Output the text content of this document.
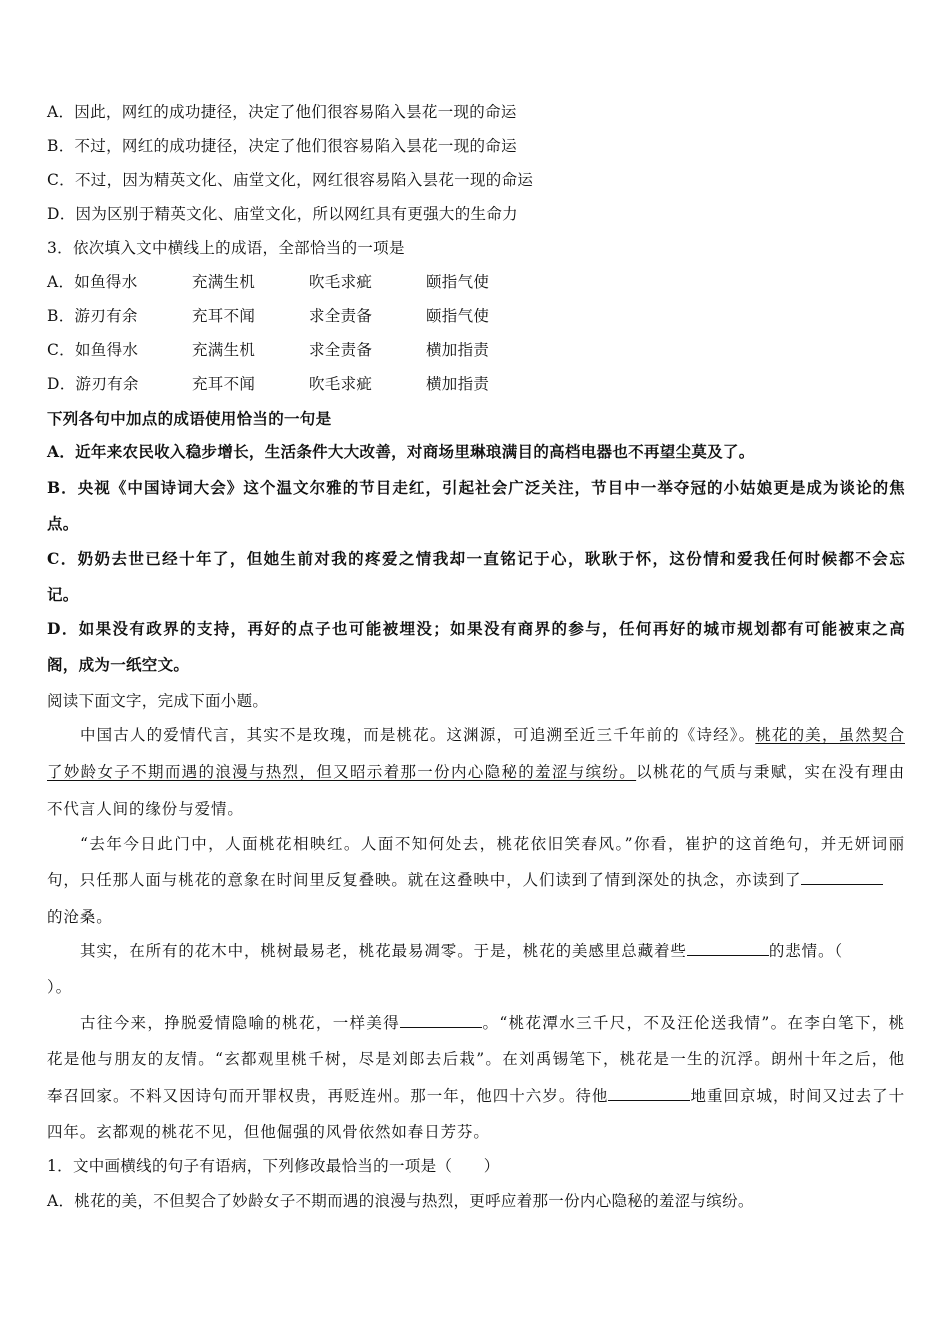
A．因此，网红的成功捷径，决定了他们很容易陷入昙花一现的命运
B．不过，网红的成功捷径，决定了他们很容易陷入昙花一现的命运
C．不过，因为精英文化、庙堂文化，网红很容易陷入昙花一现的命运
D．因为区别于精英文化、庙堂文化，所以网红具有更强大的生命力
3．依次填入文中横线上的成语，全部恰当的一项是
A．如鱼得水	充满生机	吹毛求疵	颐指气使
B．游刃有余	充耳不闻	求全责备	颐指气使
C．如鱼得水	充满生机	求全责备	横加指责
D．游刃有余	充耳不闻	吹毛求疵	横加指责
下列各句中加点的成语使用恰当的一句是
A．近年来农民收入稳步增长，生活条件大大改善，对商场里琳琅满目的高档电器也不再望尘莫及了。
B．央视《中国诗词大会》这个温文尔雅的节目走红，引起社会广泛关注，节目中一举夺冠的小姑娘更是成为谈论的焦
点。
C．奶奶去世已经十年了，但她生前对我的疼爱之情我却一直铭记于心，耿耿于怀，这份情和爱我任何时候都不会忘
记。
D．如果没有政界的支持，再好的点子也可能被埋没；如果没有商界的参与，任何再好的城市规划都有可能被束之高
阁，成为一纸空文。
阅读下面文字，完成下面小题。
中国古人的爱情代言，其实不是玫瑰，而是桃花。这渊源，可追溯至近三千年前的《诗经》。桃花的美，虽然契合
了妙龄女子不期而遇的浪漫与热烈，但又昭示着那一份内心隐秘的羞涩与缤纷。以桃花的气质与秉赋，实在没有理由
不代言人间的缘份与爱情。
“去年今日此门中，人面桃花相映红。人面不知何处去，桃花依旧笑春风。”你看，崔护的这首绝句，并无妍词丽
句，只任那人面与桃花的意象在时间里反复叠映。就在这叠映中，人们读到了情到深处的执念，亦读到了
的沧桑。
其实，在所有的花木中，桃树最易老，桃花最易凋零。于是，桃花的美感里总藏着些	的悲情。（
）。
古往今来，挣脱爱情隐喻的桃花，一样美得	。“桃花潭水三千尺，不及汪伦送我情”。在李白笔下，桃
花是他与朋友的友情。“玄都观里桃千树，尽是刘郎去后栽”。在刘禹锡笔下，桃花是一生的沉浮。朗州十年之后，他
奉召回家。不料又因诗句而开罪权贵，再贬连州。那一年，他四十六岁。待他	地重回京城，时间又过去了十
四年。玄都观的桃花不见，但他倔强的风骨依然如春日芳芬。
1．文中画横线的句子有语病，下列修改最恰当的一项是（　　）
A．桃花的美，不但契合了妙龄女子不期而遇的浪漫与热烈，更呼应着那一份内心隐秘的羞涩与缤纷。
